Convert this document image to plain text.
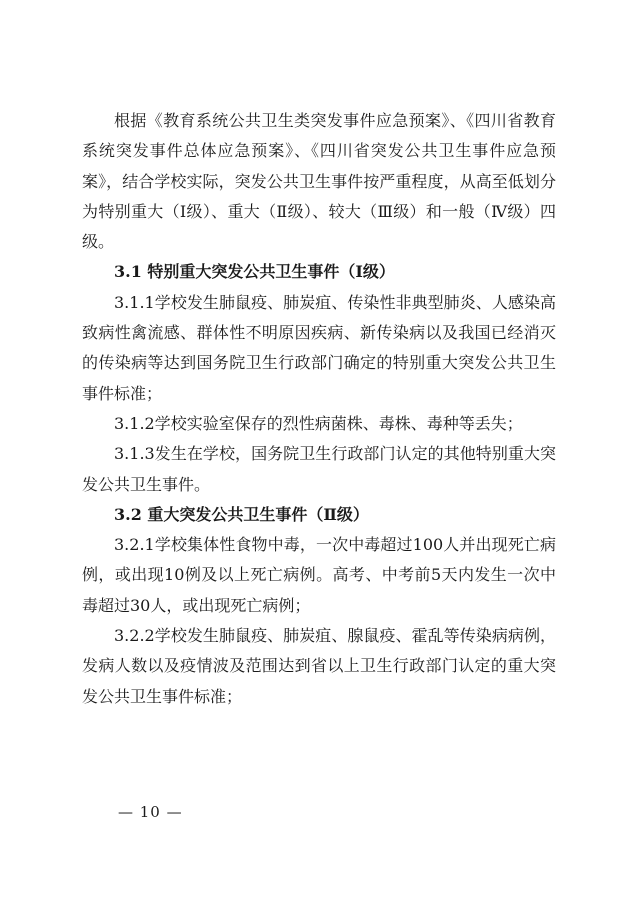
根据《教育系统公共卫生类突发事件应急预案》、《四川省教育系统突发事件总体应急预案》、《四川省突发公共卫生事件应急预案》，结合学校实际，突发公共卫生事件按严重程度，从高至低划分为特别重大（Ⅰ级）、重大（Ⅱ级）、较大（Ⅲ级）和一般（Ⅳ级）四级。

3.1 特别重大突发公共卫生事件（Ⅰ级）

3.1.1学校发生肺鼠疫、肺炭疽、传染性非典型肺炎、人感染高致病性禽流感、群体性不明原因疾病、新传染病以及我国已经消灭的传染病等达到国务院卫生行政部门确定的特别重大突发公共卫生事件标准；

3.1.2学校实验室保存的烈性病菌株、毒株、毒种等丢失；

3.1.3发生在学校，国务院卫生行政部门认定的其他特别重大突发公共卫生事件。

3.2 重大突发公共卫生事件（Ⅱ级）

3.2.1学校集体性食物中毒，一次中毒超过100人并出现死亡病例，或出现10例及以上死亡病例。高考、中考前5天内发生一次中毒超过30人，或出现死亡病例；

3.2.2学校发生肺鼠疫、肺炭疽、腺鼠疫、霍乱等传染病病例，发病人数以及疫情波及范围达到省以上卫生行政部门认定的重大突发公共卫生事件标准；

— 10 —
